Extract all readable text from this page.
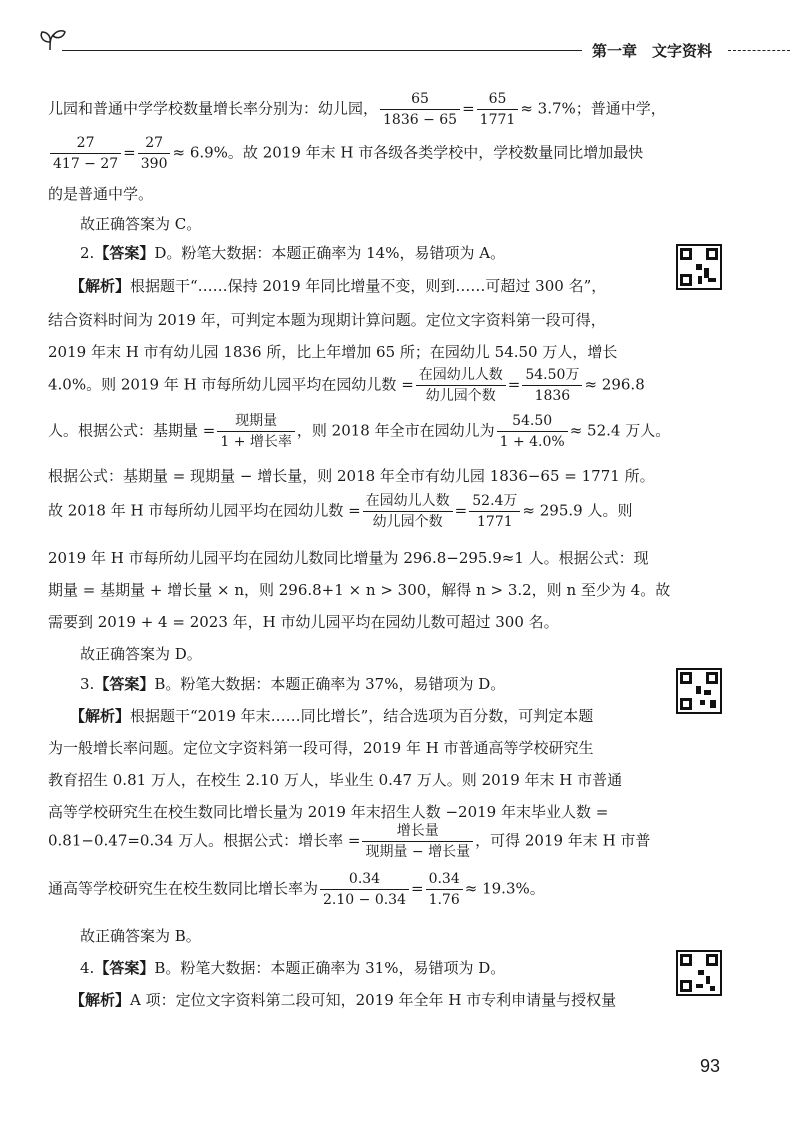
第一章 文字资料
儿园和普通中学学校数量增长率分别为：幼儿园， $\frac{65}{1836 - 65} = \frac{65}{1771} \approx 3.7\%$；普通中学，
$\frac{27}{417 - 27} = \frac{27}{390} \approx 6.9\%$。故 2019 年末 H 市各级各类学校中，学校数量同比增加最快
的是普通中学。
故正确答案为 C。
2.【答案】D。粉笔大数据：本题正确率为 14%，易错项为 A。
【解析】根据题干“……保持 2019 年同比增量不变，则到……可超过 300 名”，
结合资料时间为 2019 年，可判定本题为现期计算问题。定位文字资料第一段可得，
2019 年末 H 市有幼儿园 1836 所，比上年增加 65 所；在园幼儿 54.50 万人，增长
4.0%。则 2019 年 H 市每所幼儿园平均在园幼儿数 = $\frac{\text{在园幼儿人数}}{\text{幼儿园个数}} = \frac{\text{54.50万}}{1836} \approx 296.8$
人。根据公式：基期量 = $\frac{\text{现期量}}{\text{1 + 增长率}}$ ，则 2018 年全市在园幼儿为 $\frac{54.50}{1 + 4.0\%} \approx 52.4$ 万人。
根据公式：基期量 = 现期量 − 增长量，则 2018 年全市有幼儿园 1836−65 = 1771 所。
故 2018 年 H 市每所幼儿园平均在园幼儿数 = $\frac{\text{在园幼儿人数}}{\text{幼儿园个数}} = \frac{\text{52.4万}}{1771} \approx 295.9$ 人。则
2019 年 H 市每所幼儿园平均在园幼儿数同比增量为 296.8−295.9≈1 人。根据公式：现
期量 = 基期量 + 增长量 × n，则 296.8+1 × n > 300，解得 n > 3.2，则 n 至少为 4。故
需要到 2019 + 4 = 2023 年，H 市幼儿园平均在园幼儿数可超过 300 名。
故正确答案为 D。
3.【答案】B。粉笔大数据：本题正确率为 37%，易错项为 D。
【解析】根据题干“2019 年末……同比增长”，结合选项为百分数，可判定本题
为一般增长率问题。定位文字资料第一段可得，2019 年 H 市普通高等学校研究生
教育招生 0.81 万人，在校生 2.10 万人，毕业生 0.47 万人。则 2019 年末 H 市普通
高等学校研究生在校生数同比增长量为 2019 年末招生人数 −2019 年末毕业人数 =
0.81−0.47=0.34 万人。根据公式：增长率 = $\frac{\text{增长量}}{\text{现期量 − 增长量}}$ ，可得 2019 年末 H 市普
通高等学校研究生在校生数同比增长率为 $\frac{0.34}{2.10 - 0.34} = \frac{0.34}{1.76} \approx 19.3\%$。
故正确答案为 B。
4.【答案】B。粉笔大数据：本题正确率为 31%，易错项为 D。
【解析】A 项：定位文字资料第二段可知，2019 年全年 H 市专利申请量与授权量
93
